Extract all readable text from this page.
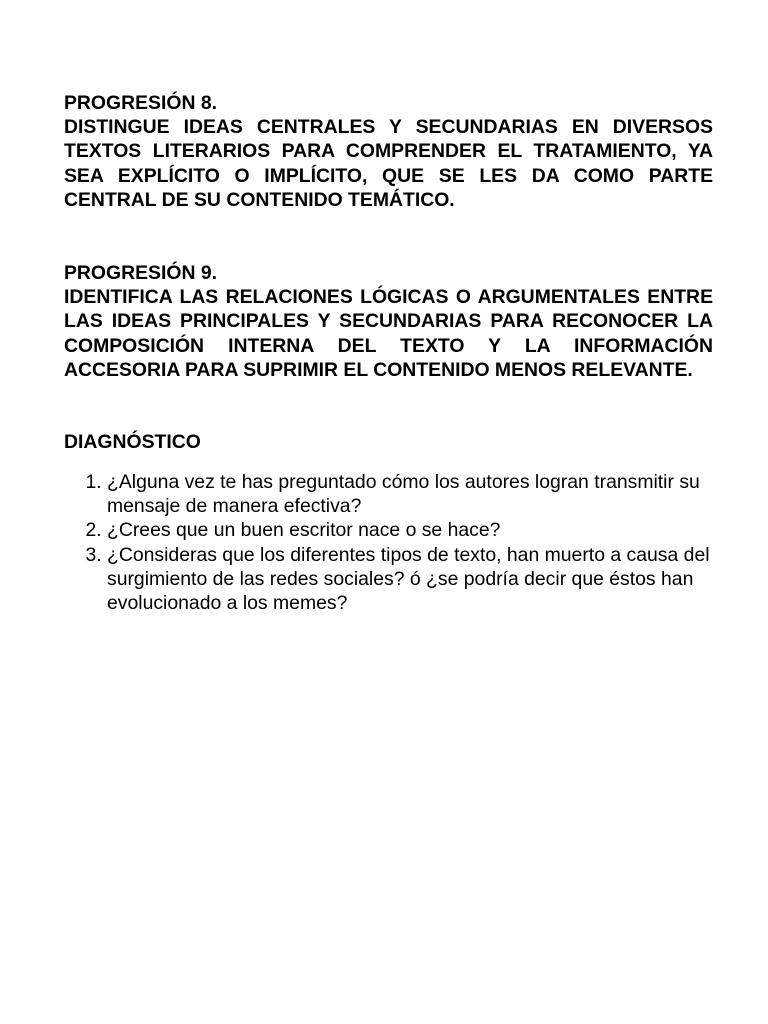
PROGRESIÓN 8.
DISTINGUE IDEAS CENTRALES Y SECUNDARIAS EN DIVERSOS TEXTOS LITERARIOS PARA COMPRENDER EL TRATAMIENTO, YA SEA EXPLÍCITO O IMPLÍCITO, QUE SE LES DA COMO PARTE CENTRAL DE SU CONTENIDO TEMÁTICO.
PROGRESIÓN 9.
IDENTIFICA LAS RELACIONES LÓGICAS O ARGUMENTALES ENTRE LAS IDEAS PRINCIPALES Y SECUNDARIAS PARA RECONOCER LA COMPOSICIÓN INTERNA DEL TEXTO Y LA INFORMACIÓN ACCESORIA PARA SUPRIMIR EL CONTENIDO MENOS RELEVANTE.
DIAGNÓSTICO
1. ¿Alguna vez te has preguntado cómo los autores logran transmitir su mensaje de manera efectiva?
2. ¿Crees que un buen escritor nace o se hace?
3. ¿Consideras que los diferentes tipos de texto, han muerto a causa del surgimiento de las redes sociales? ó ¿se podría decir que éstos han evolucionado a los memes?
